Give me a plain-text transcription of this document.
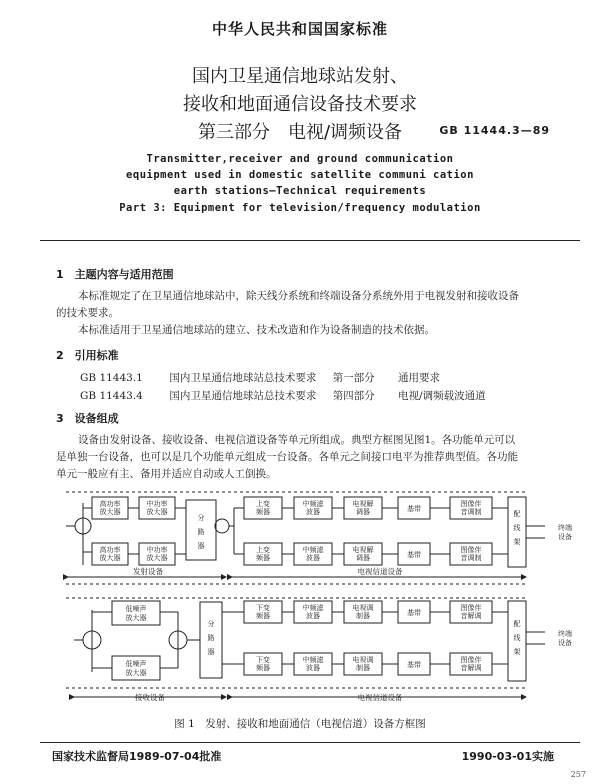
中华人民共和国国家标准
国内卫星通信地球站发射、
接收和地面通信设备技术要求
第三部分　电视/调频设备	GB 11444.3—89
Transmitter,receiver and ground communication
equipment used in domestic satellite communi cation
earth stations—Technical requirements
Part 3: Equipment for television/frequency modulation
1　主题内容与适用范围
本标准规定了在卫星通信地球站中，除天线分系统和终端设备分系统外用于电视发射和接收设备
的技术要求。
本标准适用于卫星通信地球站的建立、技术改造和作为设备制造的技术依据。
2　引用标准
GB 11443.1	国内卫星通信地球站总技术要求 第一部分 通用要求
GB 11443.4	国内卫星通信地球站总技术要求 第四部分 电视/调频载波通道
3　设备组成
设备由发射设备、接收设备、电视信道设备等单元所组成。典型方框图见图1。各功能单元可以
是单独一台设备，也可以是几个功能单元组成一台设备。各单元之间接口电平为推荐典型值。各功能
单元一般应有主、备用并适应自动或人工倒换。
高功率
放大器
中功率
放大器
高功率
放大器
中功率
放大器
分路器
上变
频器
中频滤
波器
电视解
调器	基带
图像伴
音调制
上变
频器
中频滤
波器
电视解
调器	基带
图像伴
音调制
配线架
终端
设备
低噪声
放大器
低噪声
放大器
分路器
下变
频器
中频滤
波器
电视调
制器	基带
图像伴
音解调
下变
频器
中频滤
波器
电视调
制器	基带
图像伴
音解调
配线架
终端
设备
发射设备	电视信道设备
接收设备	电视信道设备
图 1　发射、接收和地面通信（电视信道）设备方框图
国家技术监督局1989-07-04批准	1990-03-01实施
257
